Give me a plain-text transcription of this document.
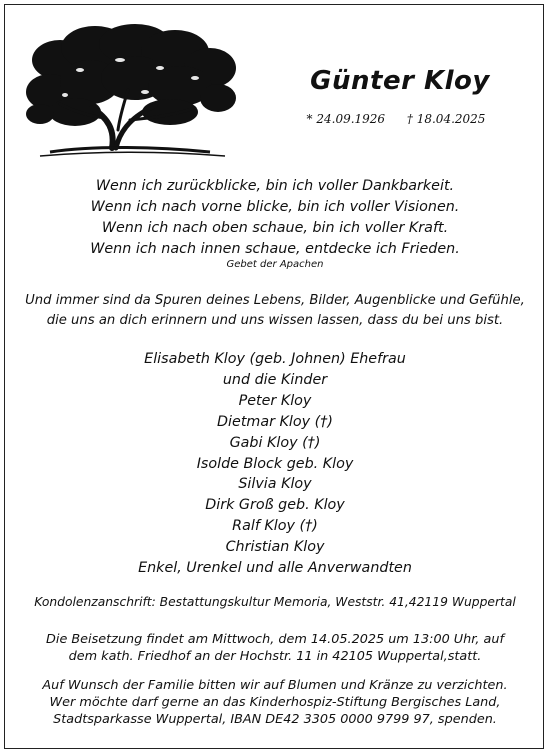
Günter Kloy
* 24.09.1926 † 18.04.2025
Wenn ich zurückblicke, bin ich voller Dankbarkeit.
Wenn ich nach vorne blicke, bin ich voller Visionen.
Wenn ich nach oben schaue, bin ich voller Kraft.
Wenn ich nach innen schaue, entdecke ich Frieden.
Gebet der Apachen
Und immer sind da Spuren deines Lebens, Bilder, Augenblicke und Gefühle,
die uns an dich erinnern und uns wissen lassen, dass du bei uns bist.
Elisabeth Kloy (geb. Johnen) Ehefrau
und die Kinder
Peter Kloy
Dietmar Kloy (†)
Gabi Kloy (†)
Isolde Block geb. Kloy
Silvia Kloy
Dirk Groß geb. Kloy
Ralf Kloy (†)
Christian Kloy
Enkel, Urenkel und alle Anverwandten
Kondolenzanschrift: Bestattungskultur Memoria, Weststr. 41,42119 Wuppertal
Die Beisetzung findet am Mittwoch, dem 14.05.2025 um 13:00 Uhr, auf
dem kath. Friedhof an der Hochstr. 11 in 42105 Wuppertal,statt.
Auf Wunsch der Familie bitten wir auf Blumen und Kränze zu verzichten.
Wer möchte darf gerne an das Kinderhospiz-Stiftung Bergisches Land,
Stadtsparkasse Wuppertal, IBAN DE42 3305 0000 9799 97, spenden.
